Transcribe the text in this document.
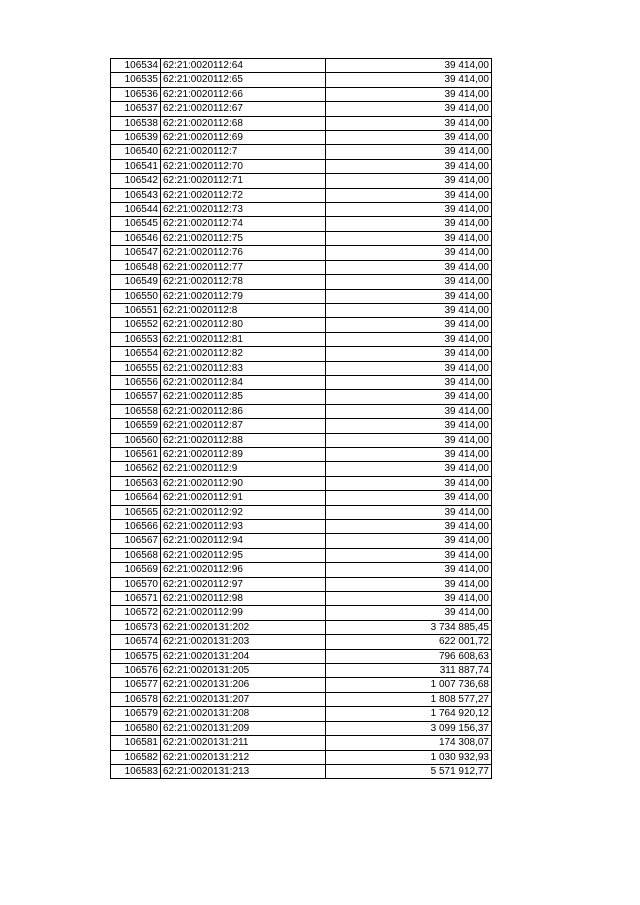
106534	62:21:0020112:64	39 414,00
106535	62:21:0020112:65	39 414,00
106536	62:21:0020112:66	39 414,00
106537	62:21:0020112:67	39 414,00
106538	62:21:0020112:68	39 414,00
106539	62:21:0020112:69	39 414,00
106540	62:21:0020112:7	39 414,00
106541	62:21:0020112:70	39 414,00
106542	62:21:0020112:71	39 414,00
106543	62:21:0020112:72	39 414,00
106544	62:21:0020112:73	39 414,00
106545	62:21:0020112:74	39 414,00
106546	62:21:0020112:75	39 414,00
106547	62:21:0020112:76	39 414,00
106548	62:21:0020112:77	39 414,00
106549	62:21:0020112:78	39 414,00
106550	62:21:0020112:79	39 414,00
106551	62:21:0020112:8	39 414,00
106552	62:21:0020112:80	39 414,00
106553	62:21:0020112:81	39 414,00
106554	62:21:0020112:82	39 414,00
106555	62:21:0020112:83	39 414,00
106556	62:21:0020112:84	39 414,00
106557	62:21:0020112:85	39 414,00
106558	62:21:0020112:86	39 414,00
106559	62:21:0020112:87	39 414,00
106560	62:21:0020112:88	39 414,00
106561	62:21:0020112:89	39 414,00
106562	62:21:0020112:9	39 414,00
106563	62:21:0020112:90	39 414,00
106564	62:21:0020112:91	39 414,00
106565	62:21:0020112:92	39 414,00
106566	62:21:0020112:93	39 414,00
106567	62:21:0020112:94	39 414,00
106568	62:21:0020112:95	39 414,00
106569	62:21:0020112:96	39 414,00
106570	62:21:0020112:97	39 414,00
106571	62:21:0020112:98	39 414,00
106572	62:21:0020112:99	39 414,00
106573	62:21:0020131:202	3 734 885,45
106574	62:21:0020131:203	622 001,72
106575	62:21:0020131:204	796 608,63
106576	62:21:0020131:205	311 887,74
106577	62:21:0020131:206	1 007 736,68
106578	62:21:0020131:207	1 808 577,27
106579	62:21:0020131:208	1 764 920,12
106580	62:21:0020131:209	3 099 156,37
106581	62:21:0020131:211	174 308,07
106582	62:21:0020131:212	1 030 932,93
106583	62:21:0020131:213	5 571 912,77
